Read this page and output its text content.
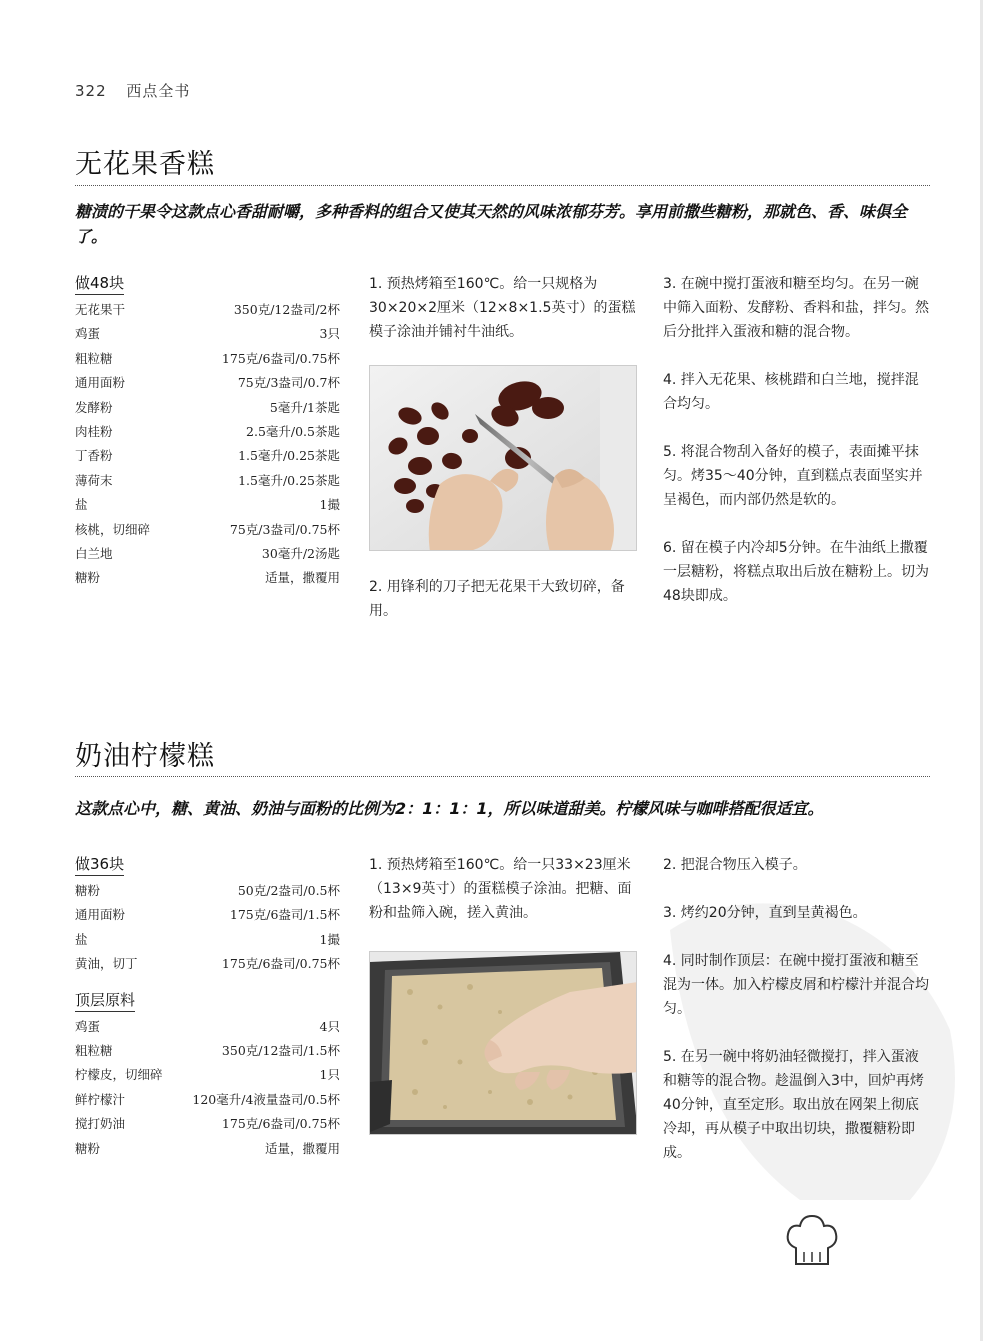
322 西点全书
无花果香糕
糖渍的干果令这款点心香甜耐嚼，多种香料的组合又使其天然的风味浓郁芬芳。享用前撒些糖粉，那就色、香、味俱全了。
做48块
无花果干	350克/12盎司/2杯
鸡蛋	3只
粗粒糖	175克/6盎司/0.75杯
通用面粉	75克/3盎司/0.7杯
发酵粉	5毫升/1茶匙
肉桂粉	2.5毫升/0.5茶匙
丁香粉	1.5毫升/0.25茶匙
薄荷末	1.5毫升/0.25茶匙
盐	1撮
核桃，切细碎	75克/3盎司/0.75杯
白兰地	30毫升/2汤匙
糖粉	适量，撒覆用

1. 预热烤箱至160℃。给一只规格为30×20×2厘米（12×8×1.5英寸）的蛋糕模子涂油并铺衬牛油纸。

2. 用锋利的刀子把无花果干大致切碎，备用。

3. 在碗中搅打蛋液和糖至均匀。在另一碗中筛入面粉、发酵粉、香料和盐，拌匀。然后分批拌入蛋液和糖的混合物。

4. 拌入无花果、核桃踖和白兰地，搅拌混合均匀。

5. 将混合物刮入备好的模子，表面摊平抹匀。烤35～40分钟，直到糕点表面坚实并呈褐色，而内部仍然是软的。

6. 留在模子内冷却5分钟。在牛油纸上撒覆一层糖粉，将糕点取出后放在糖粉上。切为48块即成。

奶油柠檬糕
这款点心中，糖、黄油、奶油与面粉的比例为2：1：1：1，所以味道甜美。柠檬风味与咖啡搭配很适宜。
做36块
糖粉	50克/2盎司/0.5杯
通用面粉	175克/6盎司/1.5杯
盐	1撮
黄油，切丁	175克/6盎司/0.75杯
顶层原料
鸡蛋	4只
粗粒糖	350克/12盎司/1.5杯
柠檬皮，切细碎	1只
鲜柠檬汁	120毫升/4液量盎司/0.5杯
搅打奶油	175克/6盎司/0.75杯
糖粉	适量，撒覆用

1. 预热烤箱至160℃。给一只33×23厘米（13×9英寸）的蛋糕模子涂油。把糖、面粉和盐筛入碗，搓入黄油。

2. 把混合物压入模子。

3. 烤约20分钟，直到呈黄褐色。

4. 同时制作顶层：在碗中搅打蛋液和糖至混为一体。加入柠檬皮屑和柠檬汁并混合均匀。

5. 在另一碗中将奶油轻微搅打，拌入蛋液和糖等的混合物。趁温倒入3中，回炉再烤40分钟，直至定形。取出放在网架上彻底冷却，再从模子中取出切块，撒覆糖粉即成。
